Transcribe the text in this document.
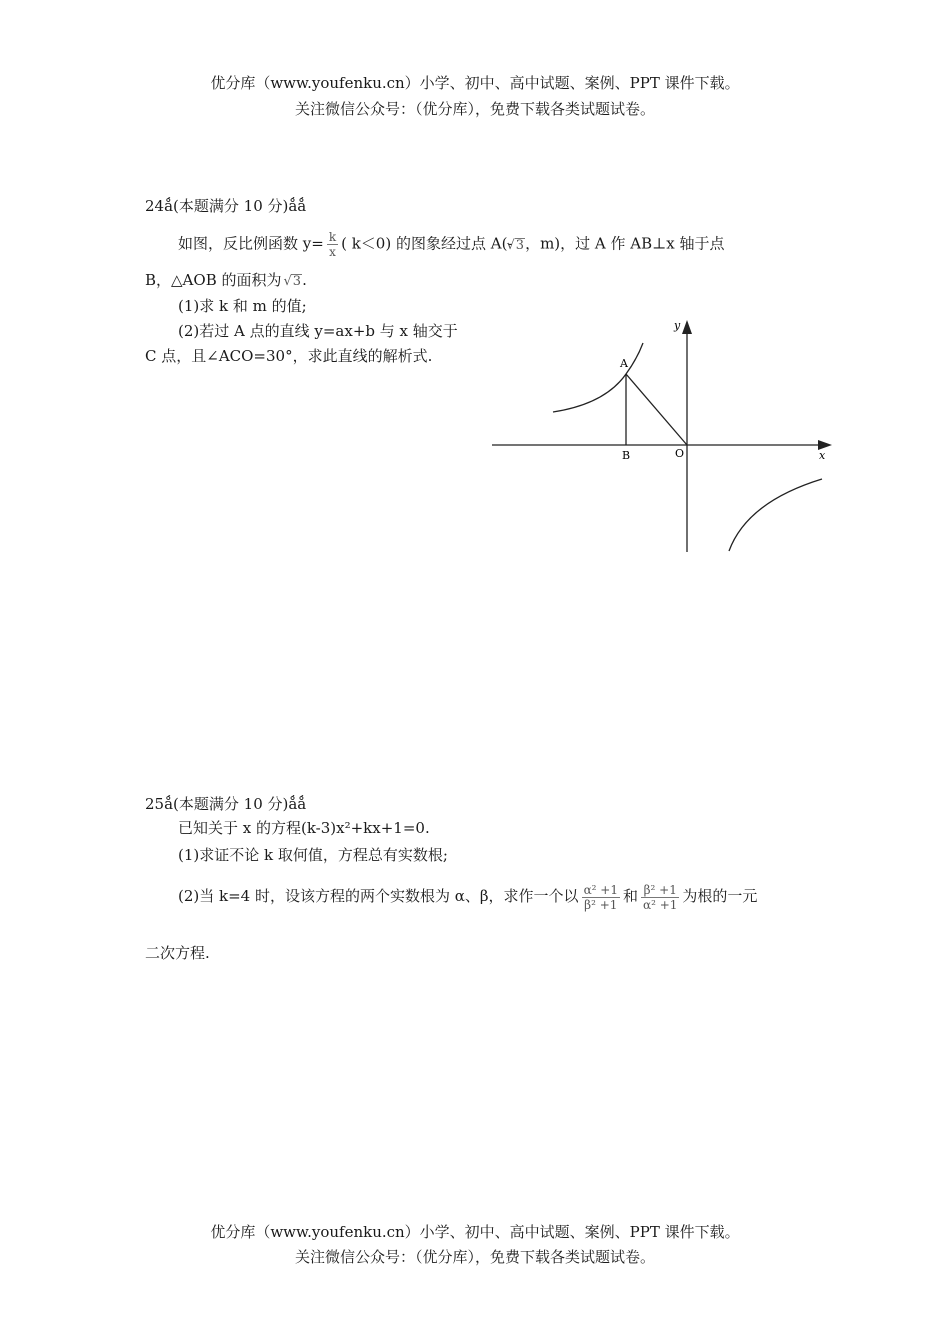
优分库（www.youfenku.cn）小学、初中、高中试题、案例、PPT 课件下载。
关注微信公众号：（优分库），免费下载各类试题试卷。
24ǻ(本题满分 10 分)ǻǻ
如图，反比例函数 $y= \frac{k}{x}$ ( k＜0) 的图象经过点 A(- √ 3，m)，过 A 作 AB⊥x 轴于点
B，△AOB 的面积为 √ 3.
(1)求 k 和 m 的值;
(2)若过 A 点的直线 y=ax+b 与 x 轴交于
C 点，且∠ACO=30°，求此直线的解析式.	A
B	O	x
y
25ǻ(本题满分 10 分)ǻǻ
已知关于 x 的方程(k-3)x²+kx+1=0.
(1)求证不论 k 取何值，方程总有实数根;
(2)当 k=4 时，设该方程的两个实数根为 α、β，求作一个以 $\frac{\text{α² +1}}{\text{β² +1}}$ 和 $\frac{\text{β² +1}}{\text{α² +1}}$ 为根的一元
二次方程.
优分库（www.youfenku.cn）小学、初中、高中试题、案例、PPT 课件下载。
关注微信公众号：（优分库），免费下载各类试题试卷。
